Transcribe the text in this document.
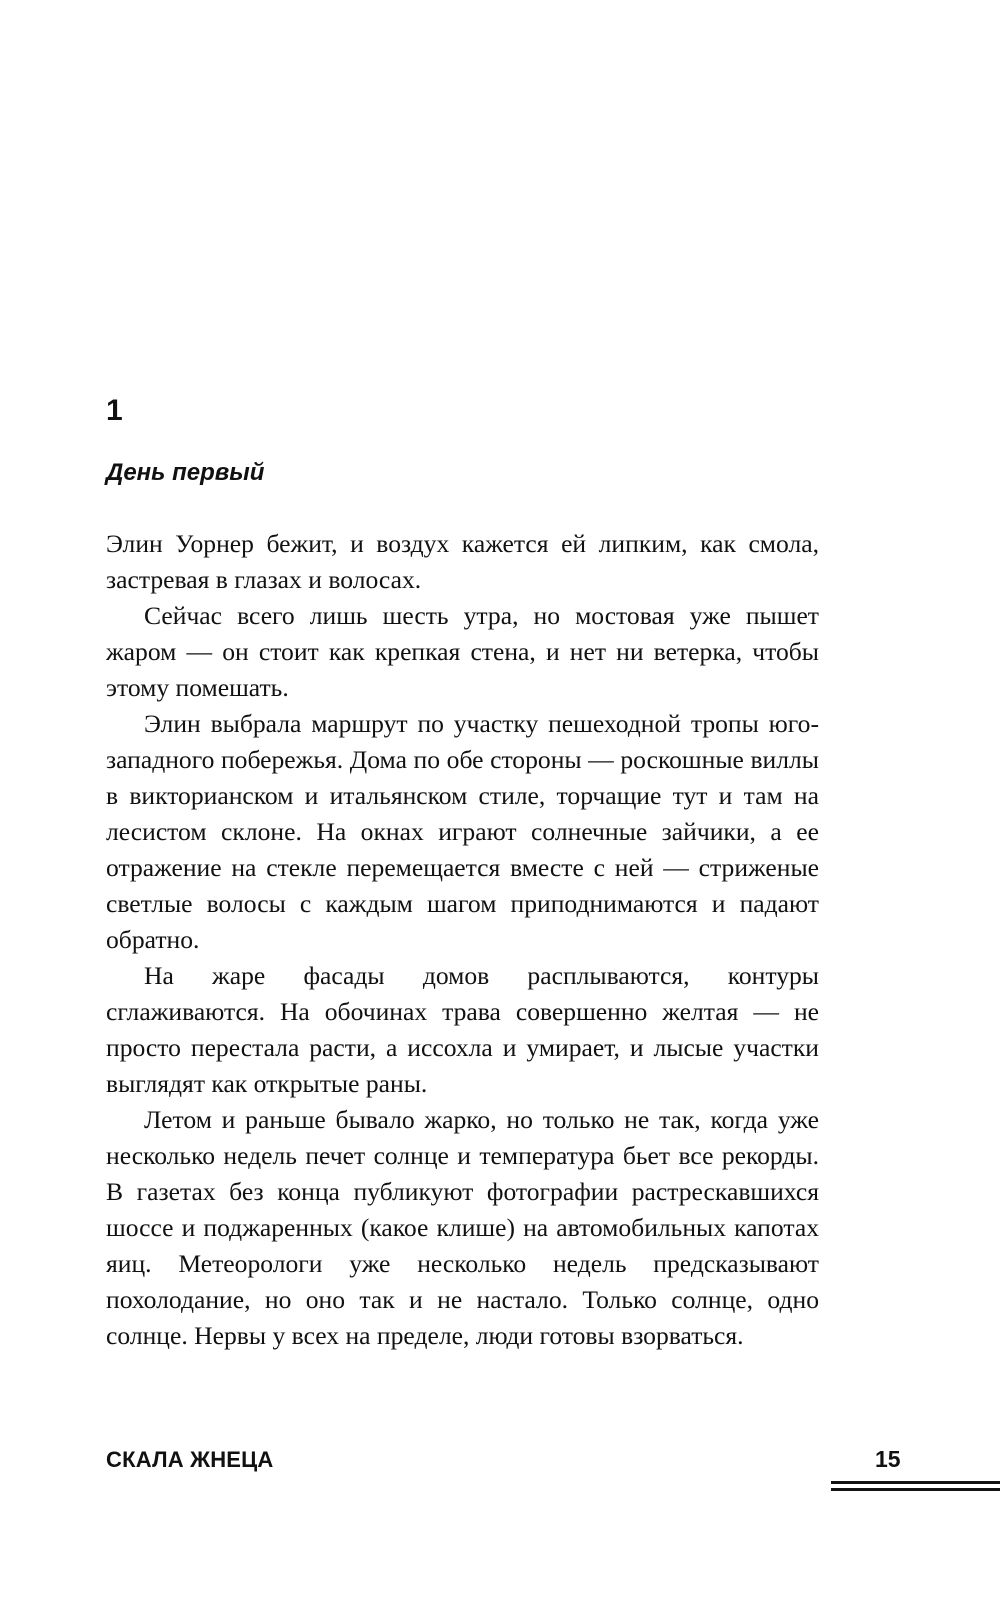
1
День первый

Элин Уорнер бежит, и воздух кажется ей липким, как смола, застревая в глазах и волосах.

Сейчас всего лишь шесть утра, но мостовая уже пышет жаром — он стоит как крепкая стена, и нет ни ветерка, чтобы этому помешать.

Элин выбрала маршрут по участку пешеходной тропы юго-западного побережья. Дома по обе стороны — роскошные виллы в викторианском и итальянском стиле, торчащие тут и там на лесистом склоне. На окнах играют солнечные зайчики, а ее отражение на стекле перемещается вместе с ней — стриженые светлые волосы с каждым шагом приподнимаются и падают обратно.

На жаре фасады домов расплываются, контуры сглаживаются. На обочинах трава совершенно желтая — не просто перестала расти, а иссохла и умирает, и лысые участки выглядят как открытые раны.

Летом и раньше бывало жарко, но только не так, когда уже несколько недель печет солнце и температура бьет все рекорды. В газетах без конца публикуют фотографии растрескавшихся шоссе и поджаренных (какое клише) на автомобильных капотах яиц. Метеорологи уже несколько недель предсказывают похолодание, но оно так и не настало. Только солнце, одно солнце. Нервы у всех на пределе, люди готовы взорваться.

СКАЛА ЖНЕЦА	15
